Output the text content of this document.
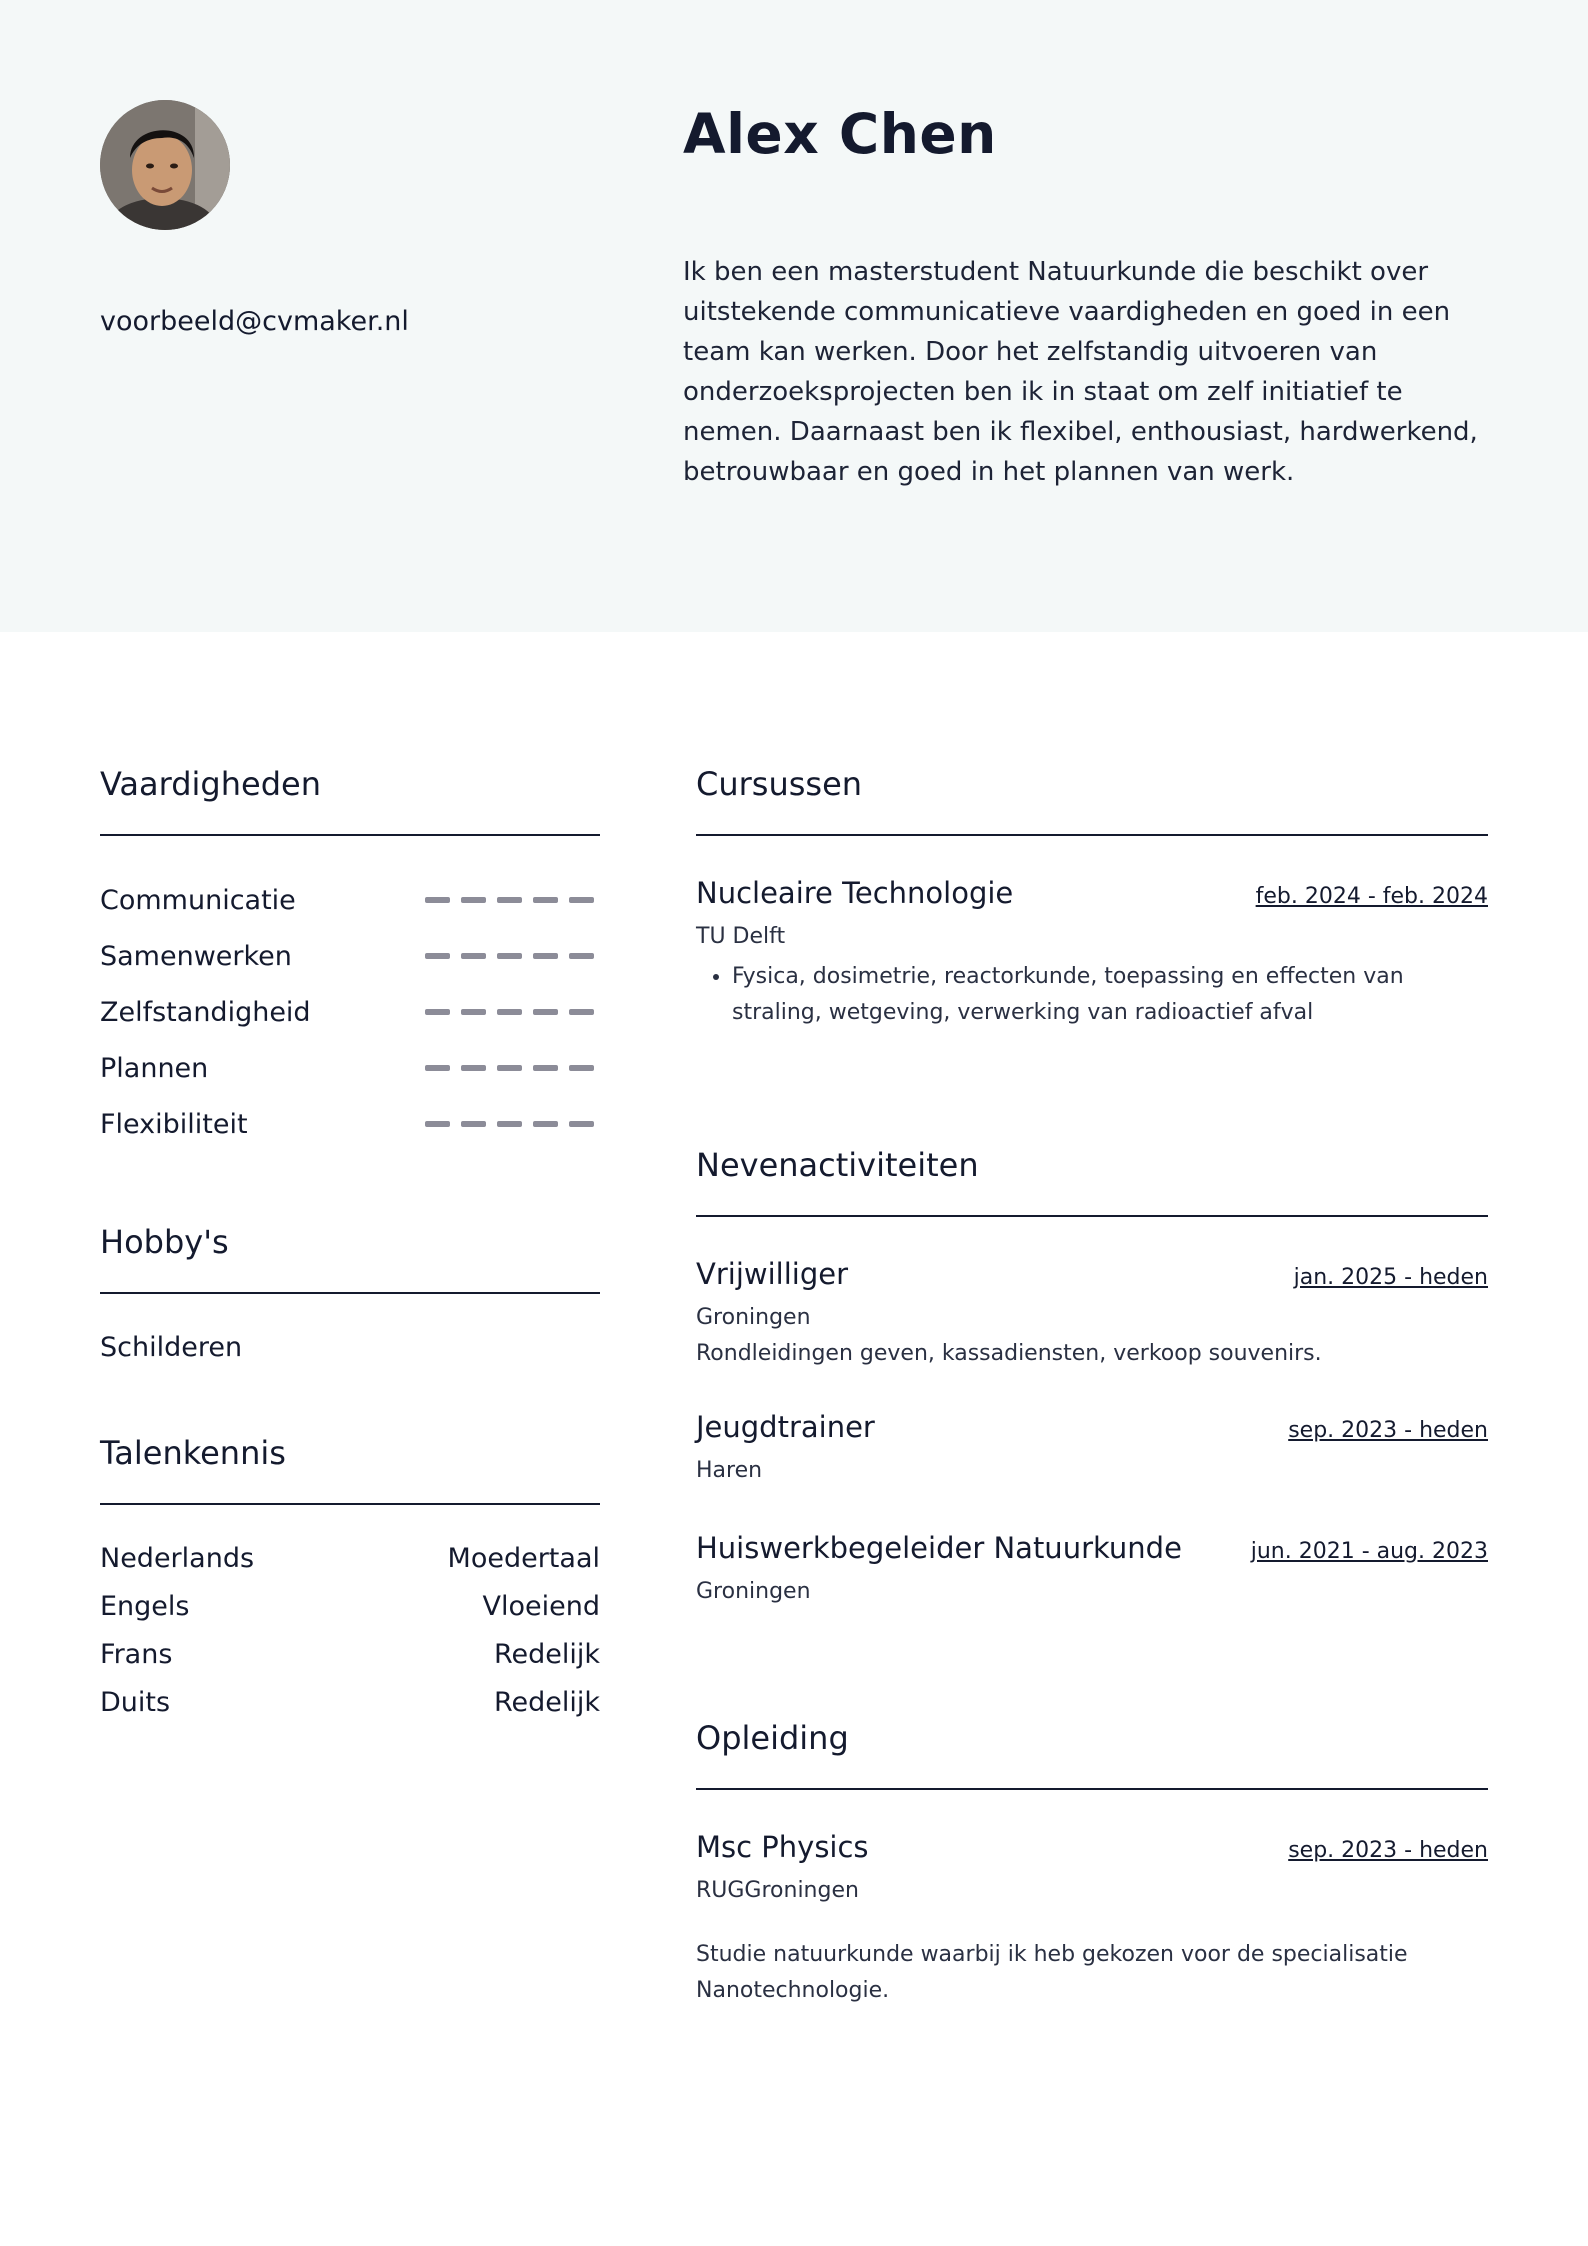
voorbeeld@cvmaker.nl
Alex Chen
Ik ben een masterstudent Natuurkunde die beschikt over uitstekende communicatieve vaardigheden en goed in een team kan werken. Door het zelfstandig uitvoeren van onderzoeksprojecten ben ik in staat om zelf initiatief te nemen. Daarnaast ben ik flexibel, enthousiast, hardwerkend, betrouwbaar en goed in het plannen van werk.
Vaardigheden
Communicatie
Samenwerken
Zelfstandigheid
Plannen
Flexibiliteit
Hobby's
Schilderen
Talenkennis
Nederlands	Moedertaal
Engels	Vloeiend
Frans	Redelijk
Duits	Redelijk
Cursussen
Nucleaire Technologie	feb. 2024 - feb. 2024
TU Delft
• Fysica, dosimetrie, reactorkunde, toepassing en effecten van straling, wetgeving, verwerking van radioactief afval
Nevenactiviteiten
Vrijwilliger	jan. 2025 - heden
Groningen
Rondleidingen geven, kassadiensten, verkoop souvenirs.
Jeugdtrainer	sep. 2023 - heden
Haren
Huiswerkbegeleider Natuurkunde	jun. 2021 - aug. 2023
Groningen
Opleiding
Msc Physics	sep. 2023 - heden
RUGGroningen
Studie natuurkunde waarbij ik heb gekozen voor de specialisatie Nanotechnologie.
